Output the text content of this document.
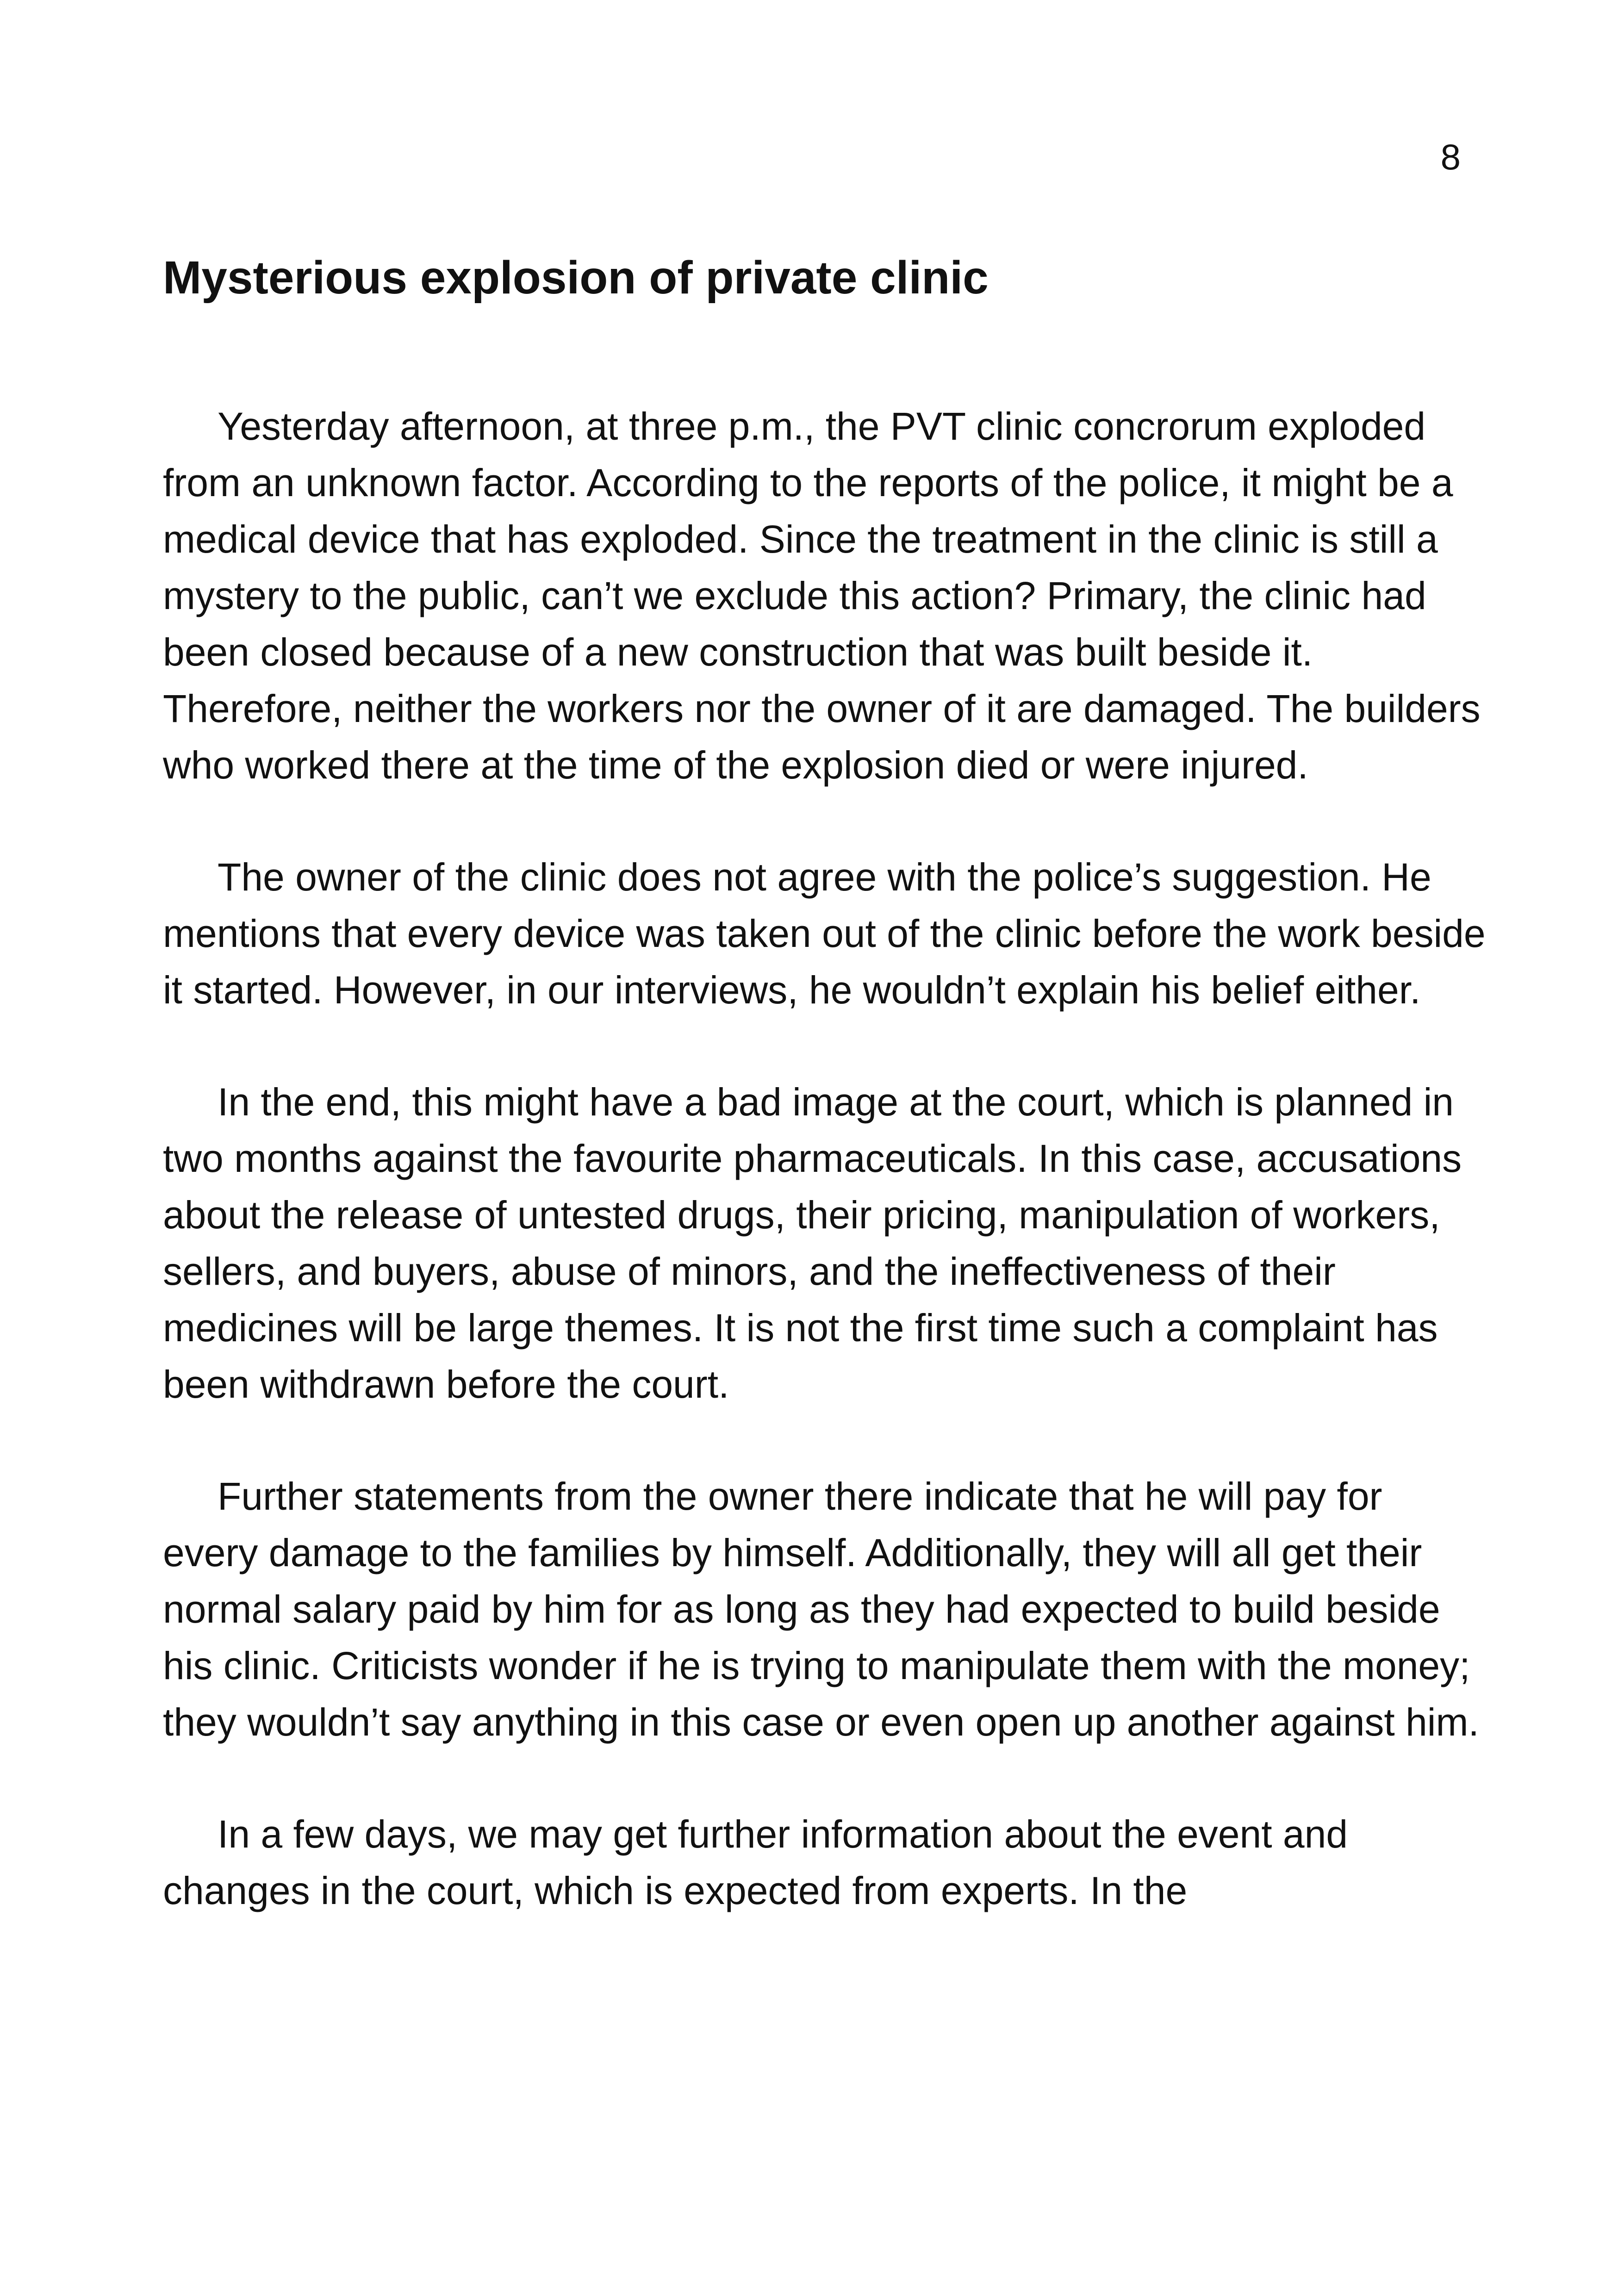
8

Mysterious explosion of private clinic

Yesterday afternoon, at three p.m., the PVT clinic concrorum exploded from an unknown factor. According to the reports of the police, it might be a medical device that has exploded. Since the treatment in the clinic is still a mystery to the public, can’t we exclude this action? Primary, the clinic had been closed because of a new construction that was built beside it. Therefore, neither the workers nor the owner of it are damaged. The builders who worked there at the time of the explosion died or were injured.

The owner of the clinic does not agree with the police’s suggestion. He mentions that every device was taken out of the clinic before the work beside it started. However, in our interviews, he wouldn’t explain his belief either.

In the end, this might have a bad image at the court, which is planned in two months against the favourite pharmaceuticals. In this case, accusations about the release of untested drugs, their pricing, manipulation of workers, sellers, and buyers, abuse of minors, and the ineffectiveness of their medicines will be large themes. It is not the first time such a complaint has been withdrawn before the court.

Further statements from the owner there indicate that he will pay for every damage to the families by himself. Additionally, they will all get their normal salary paid by him for as long as they had expected to build beside his clinic. Criticists wonder if he is trying to manipulate them with the money; they wouldn’t say anything in this case or even open up another against him.

In a few days, we may get further information about the event and changes in the court, which is expected from experts. In the
